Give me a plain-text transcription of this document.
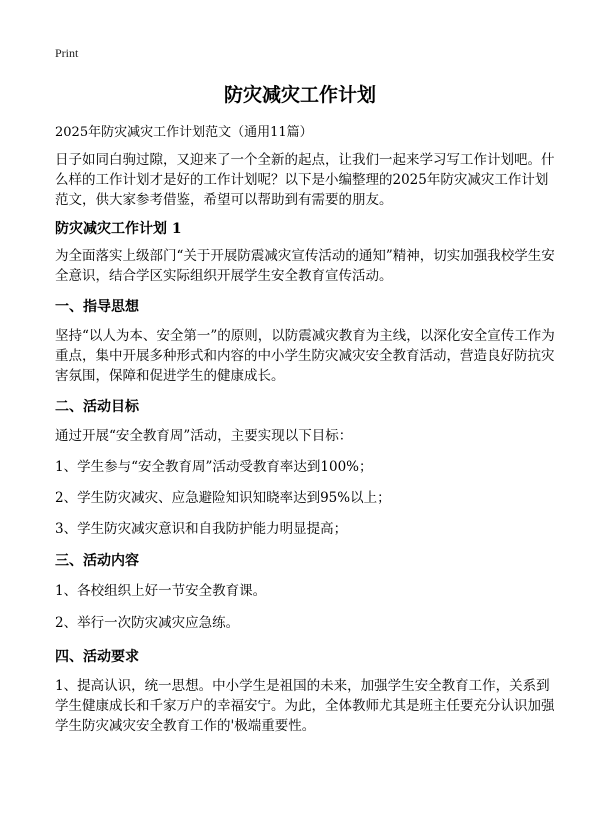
Print
防灾减灾工作计划
2025年防灾减灾工作计划范文（通用11篇）
日子如同白驹过隙，又迎来了一个全新的起点，让我们一起来学习写工作计划吧。什么样的工作计划才是好的工作计划呢？以下是小编整理的2025年防灾减灾工作计划范文，供大家参考借鉴，希望可以帮助到有需要的朋友。
防灾减灾工作计划 1
为全面落实上级部门“关于开展防震减灾宣传活动的通知”精神，切实加强我校学生安全意识，结合学区实际组织开展学生安全教育宣传活动。
一、指导思想
坚持“以人为本、安全第一”的原则，以防震减灾教育为主线，以深化安全宣传工作为重点，集中开展多种形式和内容的中小学生防灾减灾安全教育活动，营造良好防抗灾害氛围，保障和促进学生的健康成长。
二、活动目标
通过开展“安全教育周”活动，主要实现以下目标：
1、学生参与“安全教育周”活动受教育率达到100%；
2、学生防灾减灾、应急避险知识知晓率达到95%以上；
3、学生防灾减灾意识和自我防护能力明显提高；
三、活动内容
1、各校组织上好一节安全教育课。
2、举行一次防灾减灾应急练。
四、活动要求
1、提高认识，统一思想。中小学生是祖国的未来，加强学生安全教育工作，关系到学生健康成长和千家万户的幸福安宁。为此，全体教师尤其是班主任要充分认识加强学生防灾减灾安全教育工作的'极端重要性。
